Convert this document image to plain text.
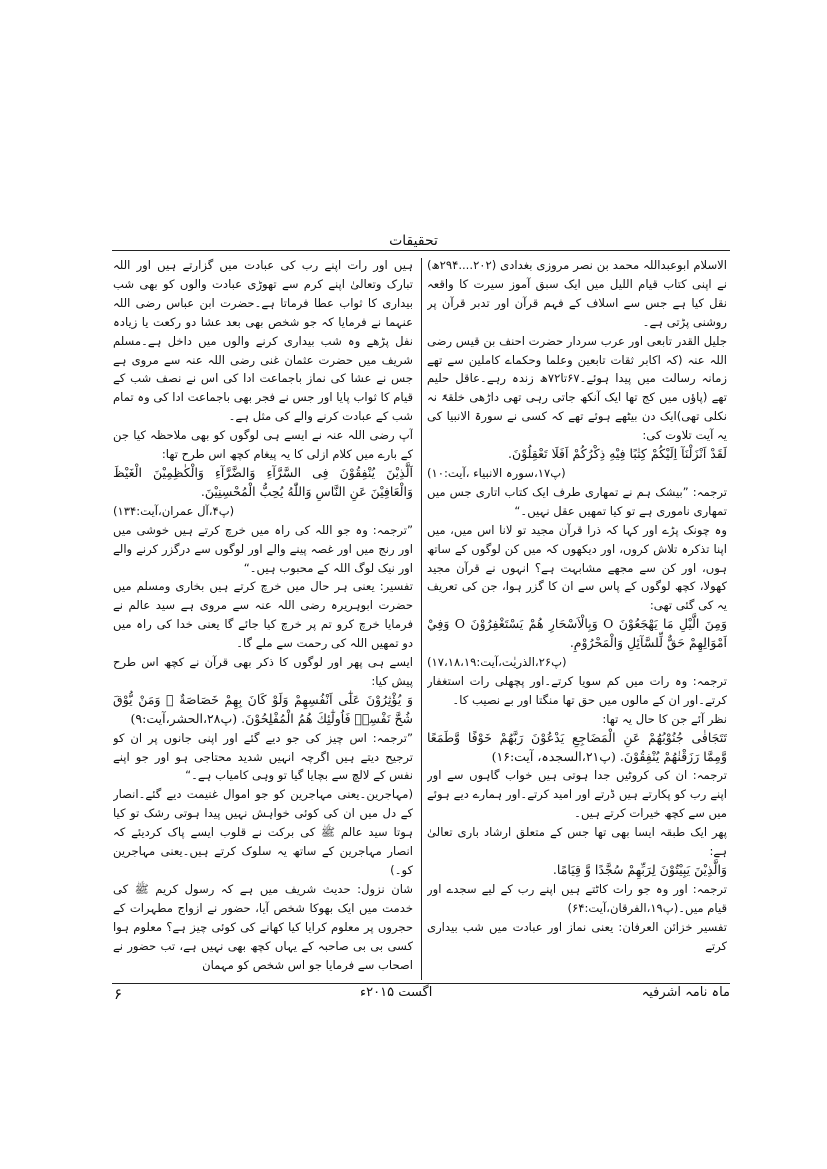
تحقیقات

الاسلام ابوعبداللہ محمد بن نصر مروزی بغدادی (۲۰۲....۲۹۴ھ) نے اپنی کتاب قیام اللیل میں ایک سبق آموز سیرت کا واقعہ نقل کیا ہے جس سے اسلاف کے فہم قرآن اور تدبر قرآن پر روشنی پڑتی ہے۔

جلیل القدر تابعی اور عرب سردار حضرت احنف بن قیس رضی اللہ عنہ (کہ اکابر ثقات تابعین وعلما وحکماے کاملین سے تھے زمانہ رسالت میں پیدا ہوئے۔۶۷تا۷۲ھ زندہ رہے۔عاقل حلیم تھے (پاؤں میں کج تھا ایک آنکھ جاتی رہی تھی داڑھی خلقۃً نہ نکلی تھی)ایک دن بیٹھے ہوئے تھے کہ کسی نے سورۃ الانبیا کی یہ آیت تلاوت کی:

لَقَدْ اَنْزَلْنَآ اِلَيْكُمْ كِتٰبًا فِيْهِ ذِكْرُكُمْ اَفَلَا تَعْقِلُوْنَ.

(پ۱۷،سورہ الانبیاء ،آیت:۱۰)

ترجمہ: ”بیشک ہم نے تمھاری طرف ایک کتاب اتاری جس میں تمھاری ناموری ہے تو کیا تمھیں عقل نہیں۔“

وہ چونک پڑے اور کہا کہ ذرا قرآن مجید تو لانا اس میں، میں اپنا تذکرہ تلاش کروں، اور دیکھوں کہ میں کن لوگوں کے ساتھ ہوں، اور کن سے مجھے مشابہت ہے؟ انہوں نے قرآن مجید کھولا، کچھ لوگوں کے پاس سے ان کا گزر ہوا، جن کی تعریف یہ کی گئی تھی:

وَمِنَ الَّيْلِ مَا يَهْجَعُوْنَ O وَبِالْاَسْحَارِ هُمْ يَسْتَغْفِرُوْنَ O وَفِيْ اَمْوَالِهِمْ حَقٌّ لِّلسَّآئِلِ وَالْمَحْرُوْمِ.

(پ۲۶،الذریٰت،آیت:۱۷،۱۸،۱۹)

ترجمہ: وہ رات میں کم سویا کرتے۔اور پچھلی رات استغفار کرتے۔اور ان کے مالوں میں حق تھا منگتا اور بے نصیب کا۔

نظر آئے جن کا حال یہ تھا:

تَتَجَافٰى جُنُوْبُهُمْ عَنِ الْمَضَاجِعِ يَدْعُوْنَ رَبَّهُمْ خَوْفًا وَّطَمَعًا وَّمِمَّا رَزَقْنٰهُمْ يُنْفِقُوْنَ. (پ۲۱،السجدہ، آیت:۱۶)

ترجمہ: ان کی کروٹیں جدا ہوتی ہیں خواب گاہوں سے اور اپنے رب کو پکارتے ہیں ڈرتے اور امید کرتے۔اور ہمارے دیے ہوئے میں سے کچھ خیرات کرتے ہیں۔

پھر ایک طبقہ ایسا بھی تھا جس کے متعلق ارشاد باری تعالیٰ ہے:

وَالَّذِيْنَ يَبِيْتُوْنَ لِرَبِّهِمْ سُجَّدًا وَّ قِيَامًا.

ترجمہ: اور وہ جو رات کاٹتے ہیں اپنے رب کے لیے سجدے اور قیام میں۔(پ۱۹،الفرقان،آیت:۶۴)

تفسیر خزائن العرفان: یعنی نماز اور عبادت میں شب بیداری کرتے

ہیں اور رات اپنے رب کی عبادت میں گزارتے ہیں اور اللہ تبارک وتعالیٰ اپنے کرم سے تھوڑی عبادت والوں کو بھی شب بیداری کا ثواب عطا فرماتا ہے۔حضرت ابن عباس رضی اللہ عنہما نے فرمایا کہ جو شخص بھی بعد عشا دو رکعت یا زیادہ نفل پڑھے وہ شب بیداری کرنے والوں میں داخل ہے۔مسلم شریف میں حضرت عثمان غنی رضی اللہ عنہ سے مروی ہے جس نے عشا کی نماز باجماعت ادا کی اس نے نصف شب کے قیام کا ثواب پایا اور جس نے فجر بھی باجماعت ادا کی وہ تمام شب کے عبادت کرنے والے کی مثل ہے۔

آپ رضی اللہ عنہ نے ایسے ہی لوگوں کو بھی ملاحظہ کیا جن کے بارے میں کلام ازلی کا یہ پیغام کچھ اس طرح تھا:

اَلَّذِيْنَ يُنْفِقُوْنَ فِى السَّرَّآءِ وَالضَّرَّآءِ وَالْكٰظِمِيْنَ الْغَيْظَ وَالْعَافِيْنَ عَنِ النَّاسِ وَاللّٰهُ يُحِبُّ الْمُحْسِنِيْنَ.

(پ۴،آل عمران،آیت:۱۳۴)

”ترجمہ: وہ جو اللہ کی راہ میں خرچ کرتے ہیں خوشی میں اور رنج میں اور غصہ پینے والے اور لوگوں سے درگزر کرنے والے اور نیک لوگ اللہ کے محبوب ہیں۔“

تفسیر: یعنی ہر حال میں خرچ کرتے ہیں بخاری ومسلم میں حضرت ابوہریرہ رضی اللہ عنہ سے مروی ہے سید عالم نے فرمایا خرچ کرو تم پر خرچ کیا جائے گا یعنی خدا کی راہ میں دو تمھیں اللہ کی رحمت سے ملے گا۔

ایسے ہی پھر اور لوگوں کا ذکر بھی قرآن نے کچھ اس طرح پیش کیا:

وَ يُؤْثِرُوْنَ عَلٰٓى اَنْفُسِهِمْ وَلَوْ كَانَ بِهِمْ خَصَاصَةٌ ۚ وَمَنْ يُّوْقَ شُحَّ نَفْسِهٖ فَاُولٰٓئِكَ هُمُ الْمُفْلِحُوْنَ. (پ۲۸،الحشر،آیت:۹)

”ترجمہ: اس چیز کی جو دیے گئے اور اپنی جانوں پر ان کو ترجیح دیتے ہیں اگرچہ انہیں شدید محتاجی ہو اور جو اپنے نفس کے لالچ سے بچایا گیا تو وہی کامیاب ہے۔“

(مہاجرین۔یعنی مہاجرین کو جو اموال غنیمت دیے گئے۔انصار کے دل میں ان کی کوئی خواہش نہیں پیدا ہوتی رشک تو کیا ہوتا سید عالم ﷺ کی برکت نے قلوب ایسے پاک کردیئے کہ انصار مہاجرین کے ساتھ یہ سلوک کرتے ہیں۔یعنی مہاجرین کو۔)

شان نزول: حدیث شریف میں ہے کہ رسول کریم ﷺ کی خدمت میں ایک بھوکا شخص آیا، حضور نے ازواج مطہرات کے حجروں پر معلوم کرایا کیا کھانے کی کوئی چیز ہے؟ معلوم ہوا کسی بی بی صاحبہ کے یہاں کچھ بھی نہیں ہے، تب حضور نے اصحاب سے فرمایا جو اس شخص کو مہمان

ماہ نامہ اشرفیہ
اگست ۲۰۱۵ء
۶
